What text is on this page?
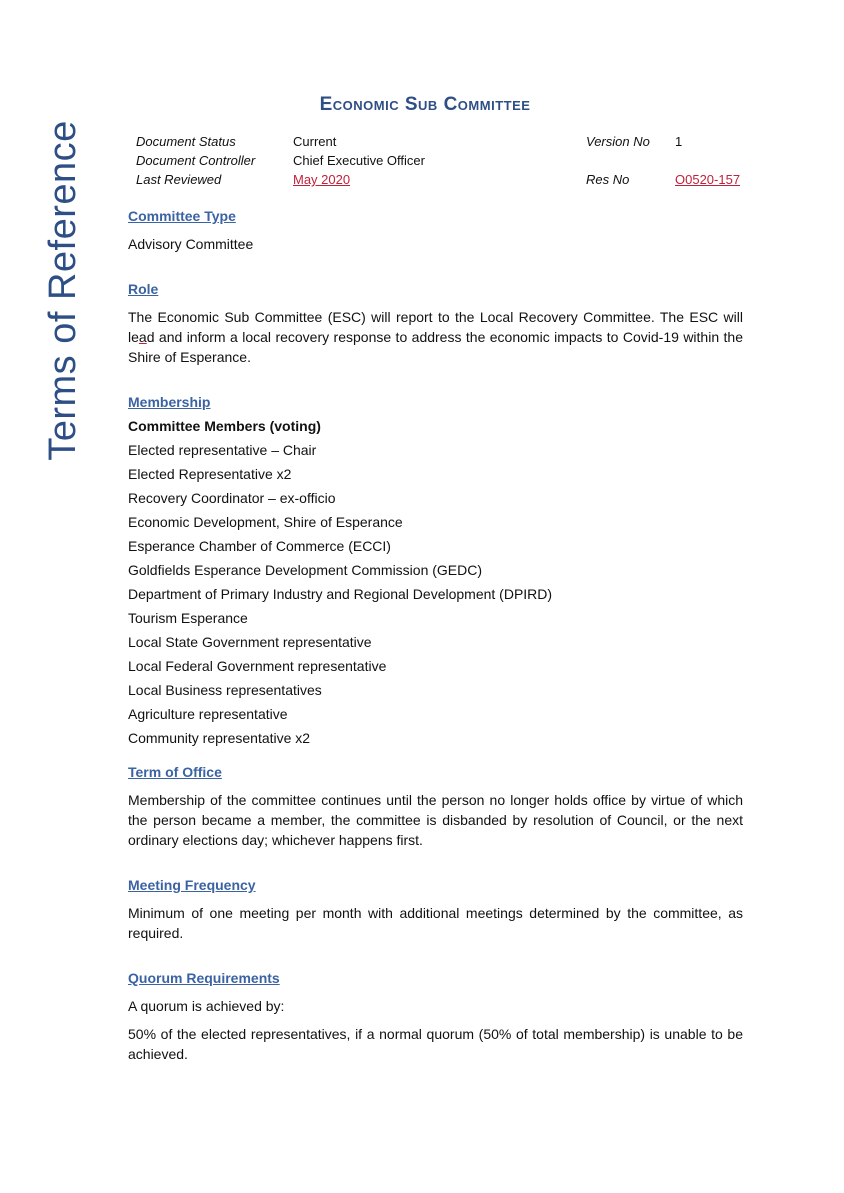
Terms of Reference
Economic Sub Committee
Document Status	Current	Version No 1
Document Controller	Chief Executive Officer
Last Reviewed	May 2020	Res No	O0520-157
Committee Type

Advisory Committee

Role

The Economic Sub Committee (ESC) will report to the Local Recovery Committee. The ESC will lead and inform a local recovery response to address the economic impacts to Covid-19 within the Shire of Esperance.

Membership
Committee Members (voting)
Elected representative – Chair
Elected Representative x2
Recovery Coordinator – ex-officio
Economic Development, Shire of Esperance
Esperance Chamber of Commerce (ECCI)
Goldfields Esperance Development Commission (GEDC)
Department of Primary Industry and Regional Development (DPIRD)
Tourism Esperance
Local State Government representative
Local Federal Government representative
Local Business representatives
Agriculture representative
Community representative x2
Term of Office

Membership of the committee continues until the person no longer holds office by virtue of which the person became a member, the committee is disbanded by resolution of Council, or the next ordinary elections day; whichever happens first.

Meeting Frequency

Minimum of one meeting per month with additional meetings determined by the committee, as required.

Quorum Requirements

A quorum is achieved by:

50% of the elected representatives, if a normal quorum (50% of total membership) is unable to be achieved.
